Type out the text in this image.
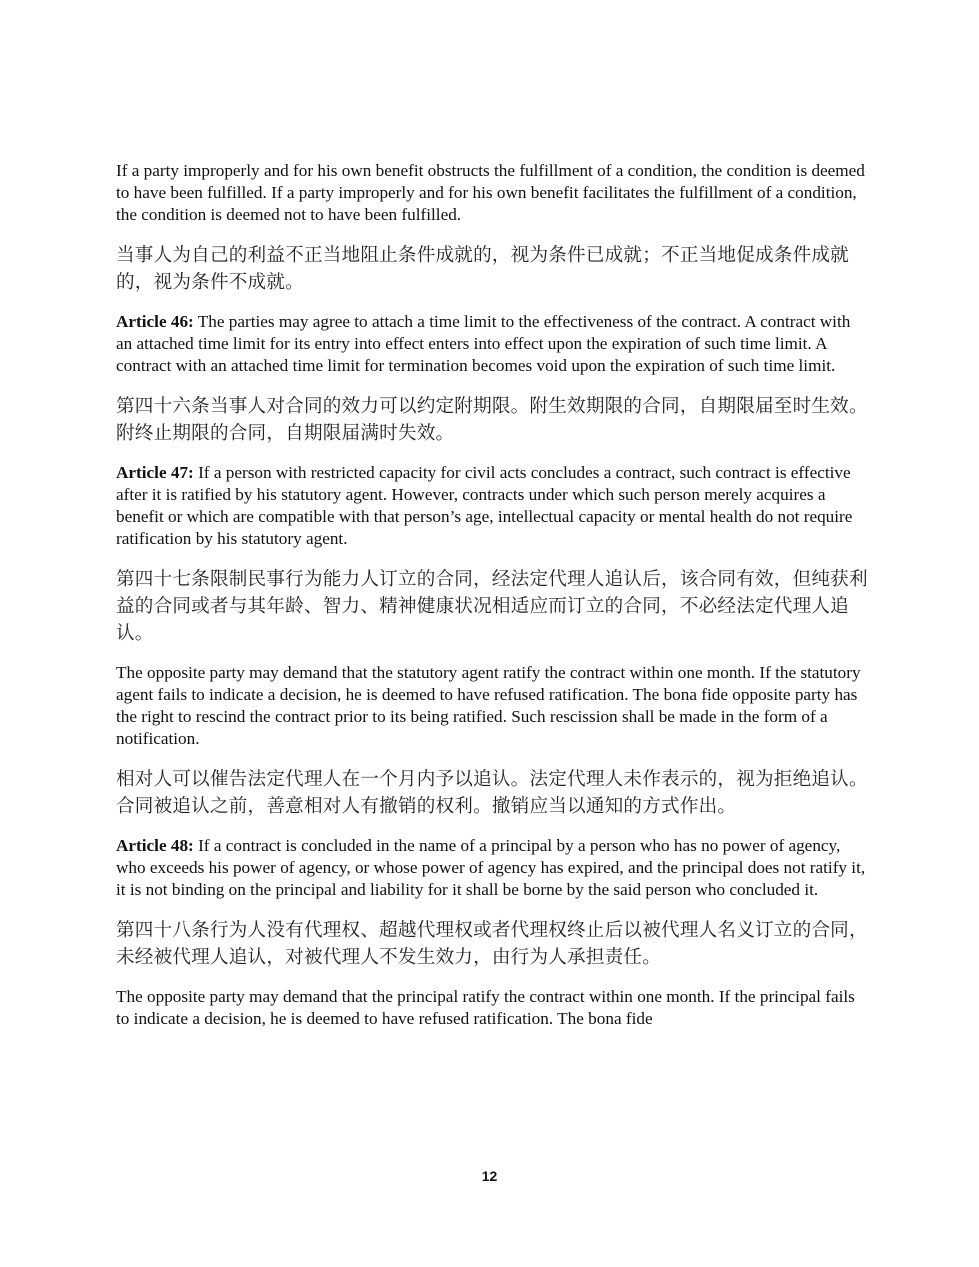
If a party improperly and for his own benefit obstructs the fulfillment of a condition, the condition is deemed to have been fulfilled. If a party improperly and for his own benefit facilitates the fulfillment of a condition, the condition is deemed not to have been fulfilled.

当事人为自己的利益不正当地阻止条件成就的，视为条件已成就；不正当地促成条件成就的，视为条件不成就。

Article 46: The parties may agree to attach a time limit to the effectiveness of the contract. A contract with an attached time limit for its entry into effect enters into effect upon the expiration of such time limit. A contract with an attached time limit for termination becomes void upon the expiration of such time limit.

第四十六条当事人对合同的效力可以约定附期限。附生效期限的合同，自期限届至时生效。附终止期限的合同，自期限届满时失效。

Article 47: If a person with restricted capacity for civil acts concludes a contract, such contract is effective after it is ratified by his statutory agent. However, contracts under which such person merely acquires a benefit or which are compatible with that person’s age, intellectual capacity or mental health do not require ratification by his statutory agent.

第四十七条限制民事行为能力人订立的合同，经法定代理人追认后，该合同有效，但纯获利益的合同或者与其年龄、智力、精神健康状况相适应而订立的合同，不必经法定代理人追认。

The opposite party may demand that the statutory agent ratify the contract within one month. If the statutory agent fails to indicate a decision, he is deemed to have refused ratification. The bona fide opposite party has the right to rescind the contract prior to its being ratified. Such rescission shall be made in the form of a notification.

相对人可以催告法定代理人在一个月内予以追认。法定代理人未作表示的，视为拒绝追认。合同被追认之前，善意相对人有撤销的权利。撤销应当以通知的方式作出。

Article 48: If a contract is concluded in the name of a principal by a person who has no power of agency, who exceeds his power of agency, or whose power of agency has expired, and the principal does not ratify it, it is not binding on the principal and liability for it shall be borne by the said person who concluded it.

第四十八条行为人没有代理权、超越代理权或者代理权终止后以被代理人名义订立的合同，未经被代理人追认，对被代理人不发生效力，由行为人承担责任。

The opposite party may demand that the principal ratify the contract within one month. If the principal fails to indicate a decision, he is deemed to have refused ratification. The bona fide

12
